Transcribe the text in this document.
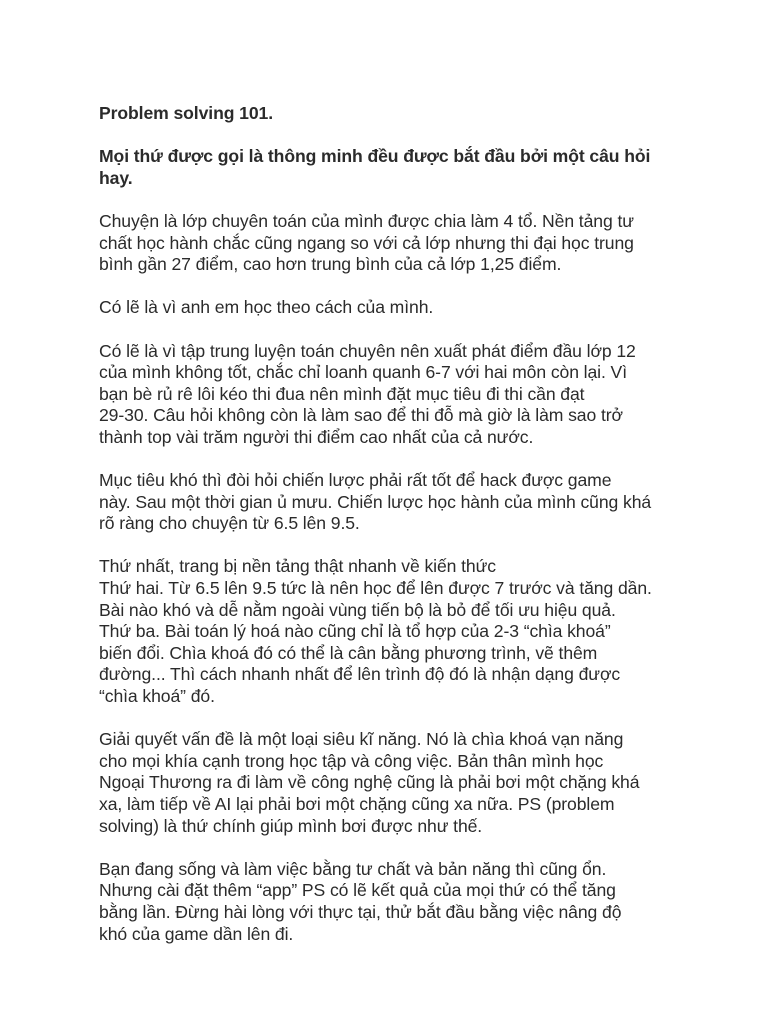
Problem solving 101.
Mọi thứ được gọi là thông minh đều được bắt đầu bởi một câu hỏi
hay.
Chuyện là lớp chuyên toán của mình được chia làm 4 tổ. Nền tảng tư
chất học hành chắc cũng ngang so với cả lớp nhưng thi đại học trung
bình gần 27 điểm, cao hơn trung bình của cả lớp 1,25 điểm.
Có lẽ là vì anh em học theo cách của mình.
Có lẽ là vì tập trung luyện toán chuyên nên xuất phát điểm đầu lớp 12
của mình không tốt, chắc chỉ loanh quanh 6-7 với hai môn còn lại. Vì
bạn bè rủ rê lôi kéo thi đua nên mình đặt mục tiêu đi thi cần đạt
29-30. Câu hỏi không còn là làm sao để thi đỗ mà giờ là làm sao trở
thành top vài trăm người thi điểm cao nhất của cả nước.
Mục tiêu khó thì đòi hỏi chiến lược phải rất tốt để hack được game
này. Sau một thời gian ủ mưu. Chiến lược học hành của mình cũng khá
rõ ràng cho chuyện từ 6.5 lên 9.5.
Thứ nhất, trang bị nền tảng thật nhanh về kiến thức
Thứ hai. Từ 6.5 lên 9.5 tức là nên học để lên được 7 trước và tăng dần.
Bài nào khó và dễ nằm ngoài vùng tiến bộ là bỏ để tối ưu hiệu quả.
Thứ ba. Bài toán lý hoá nào cũng chỉ là tổ hợp của 2-3 “chìa khoá”
biến đổi. Chìa khoá đó có thể là cân bằng phương trình, vẽ thêm
đường... Thì cách nhanh nhất để lên trình độ đó là nhận dạng được
“chìa khoá” đó.
Giải quyết vấn đề là một loại siêu kĩ năng. Nó là chìa khoá vạn năng
cho mọi khía cạnh trong học tập và công việc. Bản thân mình học
Ngoại Thương ra đi làm về công nghệ cũng là phải bơi một chặng khá
xa, làm tiếp về AI lại phải bơi một chặng cũng xa nữa. PS (problem
solving) là thứ chính giúp mình bơi được như thế.
Bạn đang sống và làm việc bằng tư chất và bản năng thì cũng ổn.
Nhưng cài đặt thêm “app” PS có lẽ kết quả của mọi thứ có thể tăng
bằng lần. Đừng hài lòng với thực tại, thử bắt đầu bằng việc nâng độ
khó của game dần lên đi.
